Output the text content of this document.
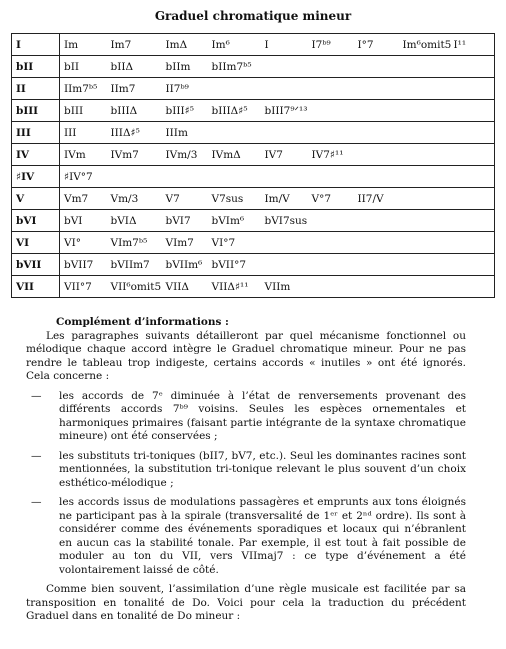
Graduel chromatique mineur
I	Im	Im7	ImΔ	Im⁶	I	I7ᵇ⁹	I°7	Im⁶omit5	I¹¹
bII	bII	bIIΔ	bIIm	bIIm7ᵇ⁵					
II	IIm7ᵇ⁵	IIm7	II7ᵇ⁹						
bIII	bIII	bIIIΔ	bIII♯⁵	bIIIΔ♯⁵	bIII7⁹ᐟ¹³				
III	III	IIIΔ♯⁵	IIIm						
IV	IVm	IVm7	IVm/3	IVmΔ	IV7	IV7♯¹¹			
♯IV	♯IV°7								
V	Vm7	Vm/3	V7	V7sus	Im/V	V°7	II7/V		
bVI	bVI	bVIΔ	bVI7	bVIm⁶	bVI7sus				
VI	VI°	VIm7ᵇ⁵	VIm7	VI°7					
bVII	bVII7	bVIIm7	bVIIm⁶	bVII°7					
VII	VII°7	VII⁶omit5	VIIΔ	VIIΔ♯¹¹	VIIm				

Complément d’informations :

Les paragraphes suivants détailleront par quel mécanisme fonctionnel ou mélodique chaque accord intègre le Graduel chromatique mineur. Pour ne pas rendre le tableau trop indigeste, certains accords « inutiles » ont été ignorés. Cela concerne :

— les accords de 7ᵉ diminuée à l’état de renversements provenant des différents accords 7ᵇ⁹ voisins. Seules les espèces ornementales et harmoniques primaires (faisant partie intégrante de la syntaxe chromatique mineure) ont été conservées ;
— les substituts tri-toniques (bII7, bV7, etc.). Seul les dominantes racines sont mentionnées, la substitution tri-tonique relevant le plus souvent d’un choix esthético-mélodique ;
— les accords issus de modulations passagères et emprunts aux tons éloignés ne participant pas à la spirale (transversalité de 1ᵉʳ et 2ⁿᵈ ordre). Ils sont à considérer comme des événements sporadiques et locaux qui n’ébranlent en aucun cas la stabilité tonale. Par exemple, il est tout à fait possible de moduler au ton du VII, vers VIImaj7 : ce type d’événement a été volontairement laissé de côté.

Comme bien souvent, l’assimilation d’une règle musicale est facilitée par sa transposition en tonalité de Do. Voici pour cela la traduction du précédent Graduel dans en tonalité de Do mineur :
